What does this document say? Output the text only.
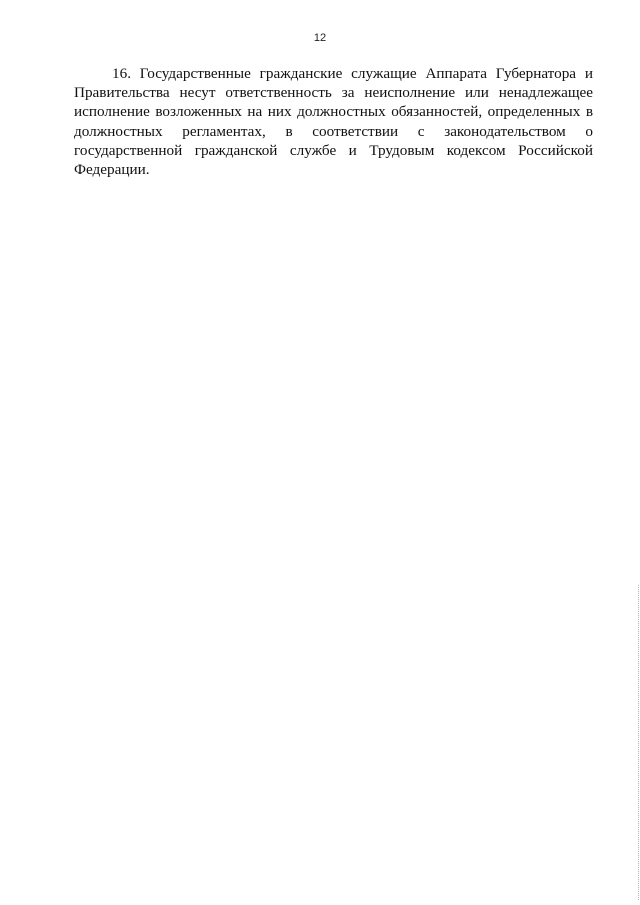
12

16. Государственные гражданские служащие Аппарата Губернатора и Правительства несут ответственность за неисполнение или ненадлежащее исполнение возложенных на них должностных обязанностей, определенных в должностных регламентах, в соответствии с законодательством о государственной гражданской службе и Трудовым кодексом Российской Федерации.
